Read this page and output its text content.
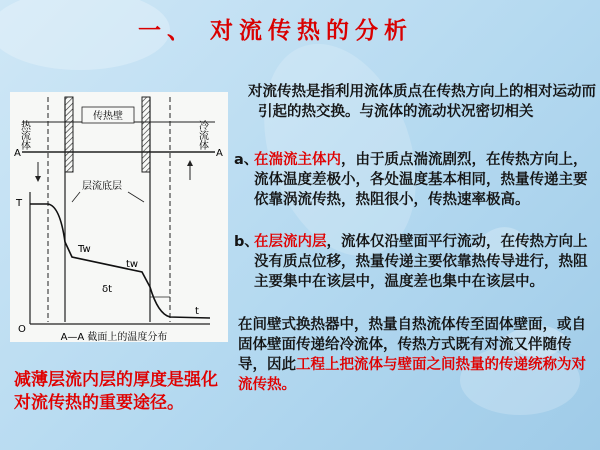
一、 对流传热的分析
传热壁
热流体	冷流体
A	A
层流底层
T
Tw
tw
t
O
δt
A—A 截面上的温度分布
对流传热是指利用流体质点在传热方向上的相对运动而引起的热交换。与流体的流动状况密切相关
a、在湍流主体内，由于质点湍流剧烈，在传热方向上，流体温度差极小，各处温度基本相同，热量传递主要依靠涡流传热，热阻很小，传热速率极高。
b、在层流内层，流体仅沿壁面平行流动，在传热方向上没有质点位移，热量传递主要依靠热传导进行，热阻主要集中在该层中，温度差也集中在该层中。
在间壁式换热器中，热量自热流体传至固体壁面，或自固体壁面传递给冷流体，传热方式既有对流又伴随传导，因此工程上把流体与壁面之间热量的传递统称为对流传热。
减薄层流内层的厚度是强化对流传热的重要途径。
